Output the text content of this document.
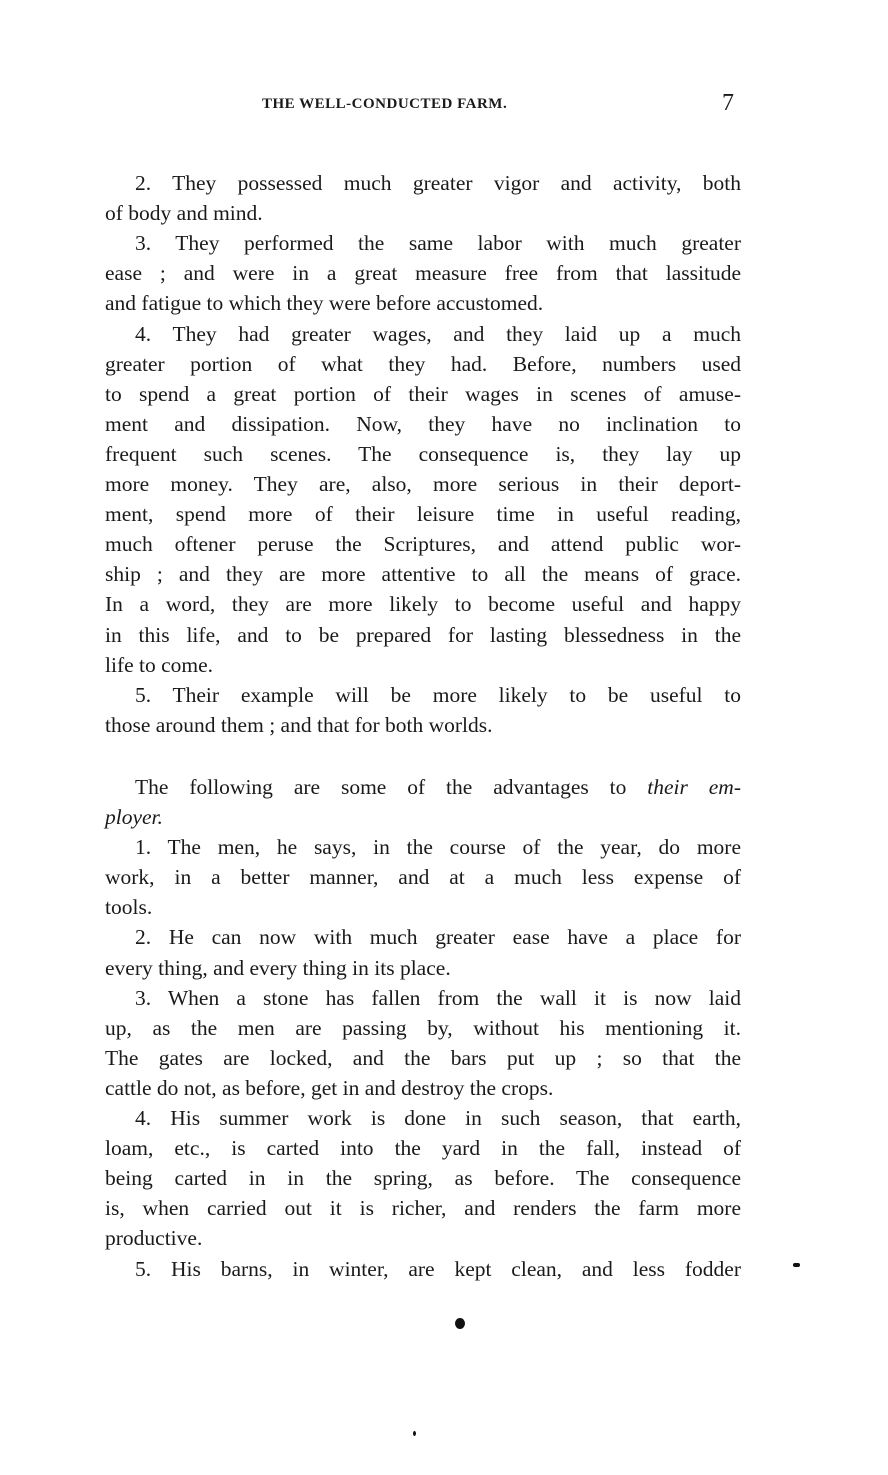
THE WELL-CONDUCTED FARM.	7
2. They possessed much greater vigor and activity, both
of body and mind.
3. They performed the same labor with much greater
ease ; and were in a great measure free from that lassitude
and fatigue to which they were before accustomed.
4. They had greater wages, and they laid up a much
greater portion of what they had. Before, numbers used
to spend a great portion of their wages in scenes of amuse-
ment and dissipation. Now, they have no inclination to
frequent such scenes. The consequence is, they lay up
more money. They are, also, more serious in their deport-
ment, spend more of their leisure time in useful reading,
much oftener peruse the Scriptures, and attend public wor-
ship ; and they are more attentive to all the means of grace.
In a word, they are more likely to become useful and happy
in this life, and to be prepared for lasting blessedness in the
life to come.
5. Their example will be more likely to be useful to
those around them ; and that for both worlds.
The following are some of the advantages to their em-
ployer.
1. The men, he says, in the course of the year, do more
work, in a better manner, and at a much less expense of
tools.
2. He can now with much greater ease have a place for
every thing, and every thing in its place.
3. When a stone has fallen from the wall it is now laid
up, as the men are passing by, without his mentioning it.
The gates are locked, and the bars put up ; so that the
cattle do not, as before, get in and destroy the crops.
4. His summer work is done in such season, that earth,
loam, etc., is carted into the yard in the fall, instead of
being carted in in the spring, as before. The consequence
is, when carried out it is richer, and renders the farm more
productive.
5. His barns, in winter, are kept clean, and less fodder
